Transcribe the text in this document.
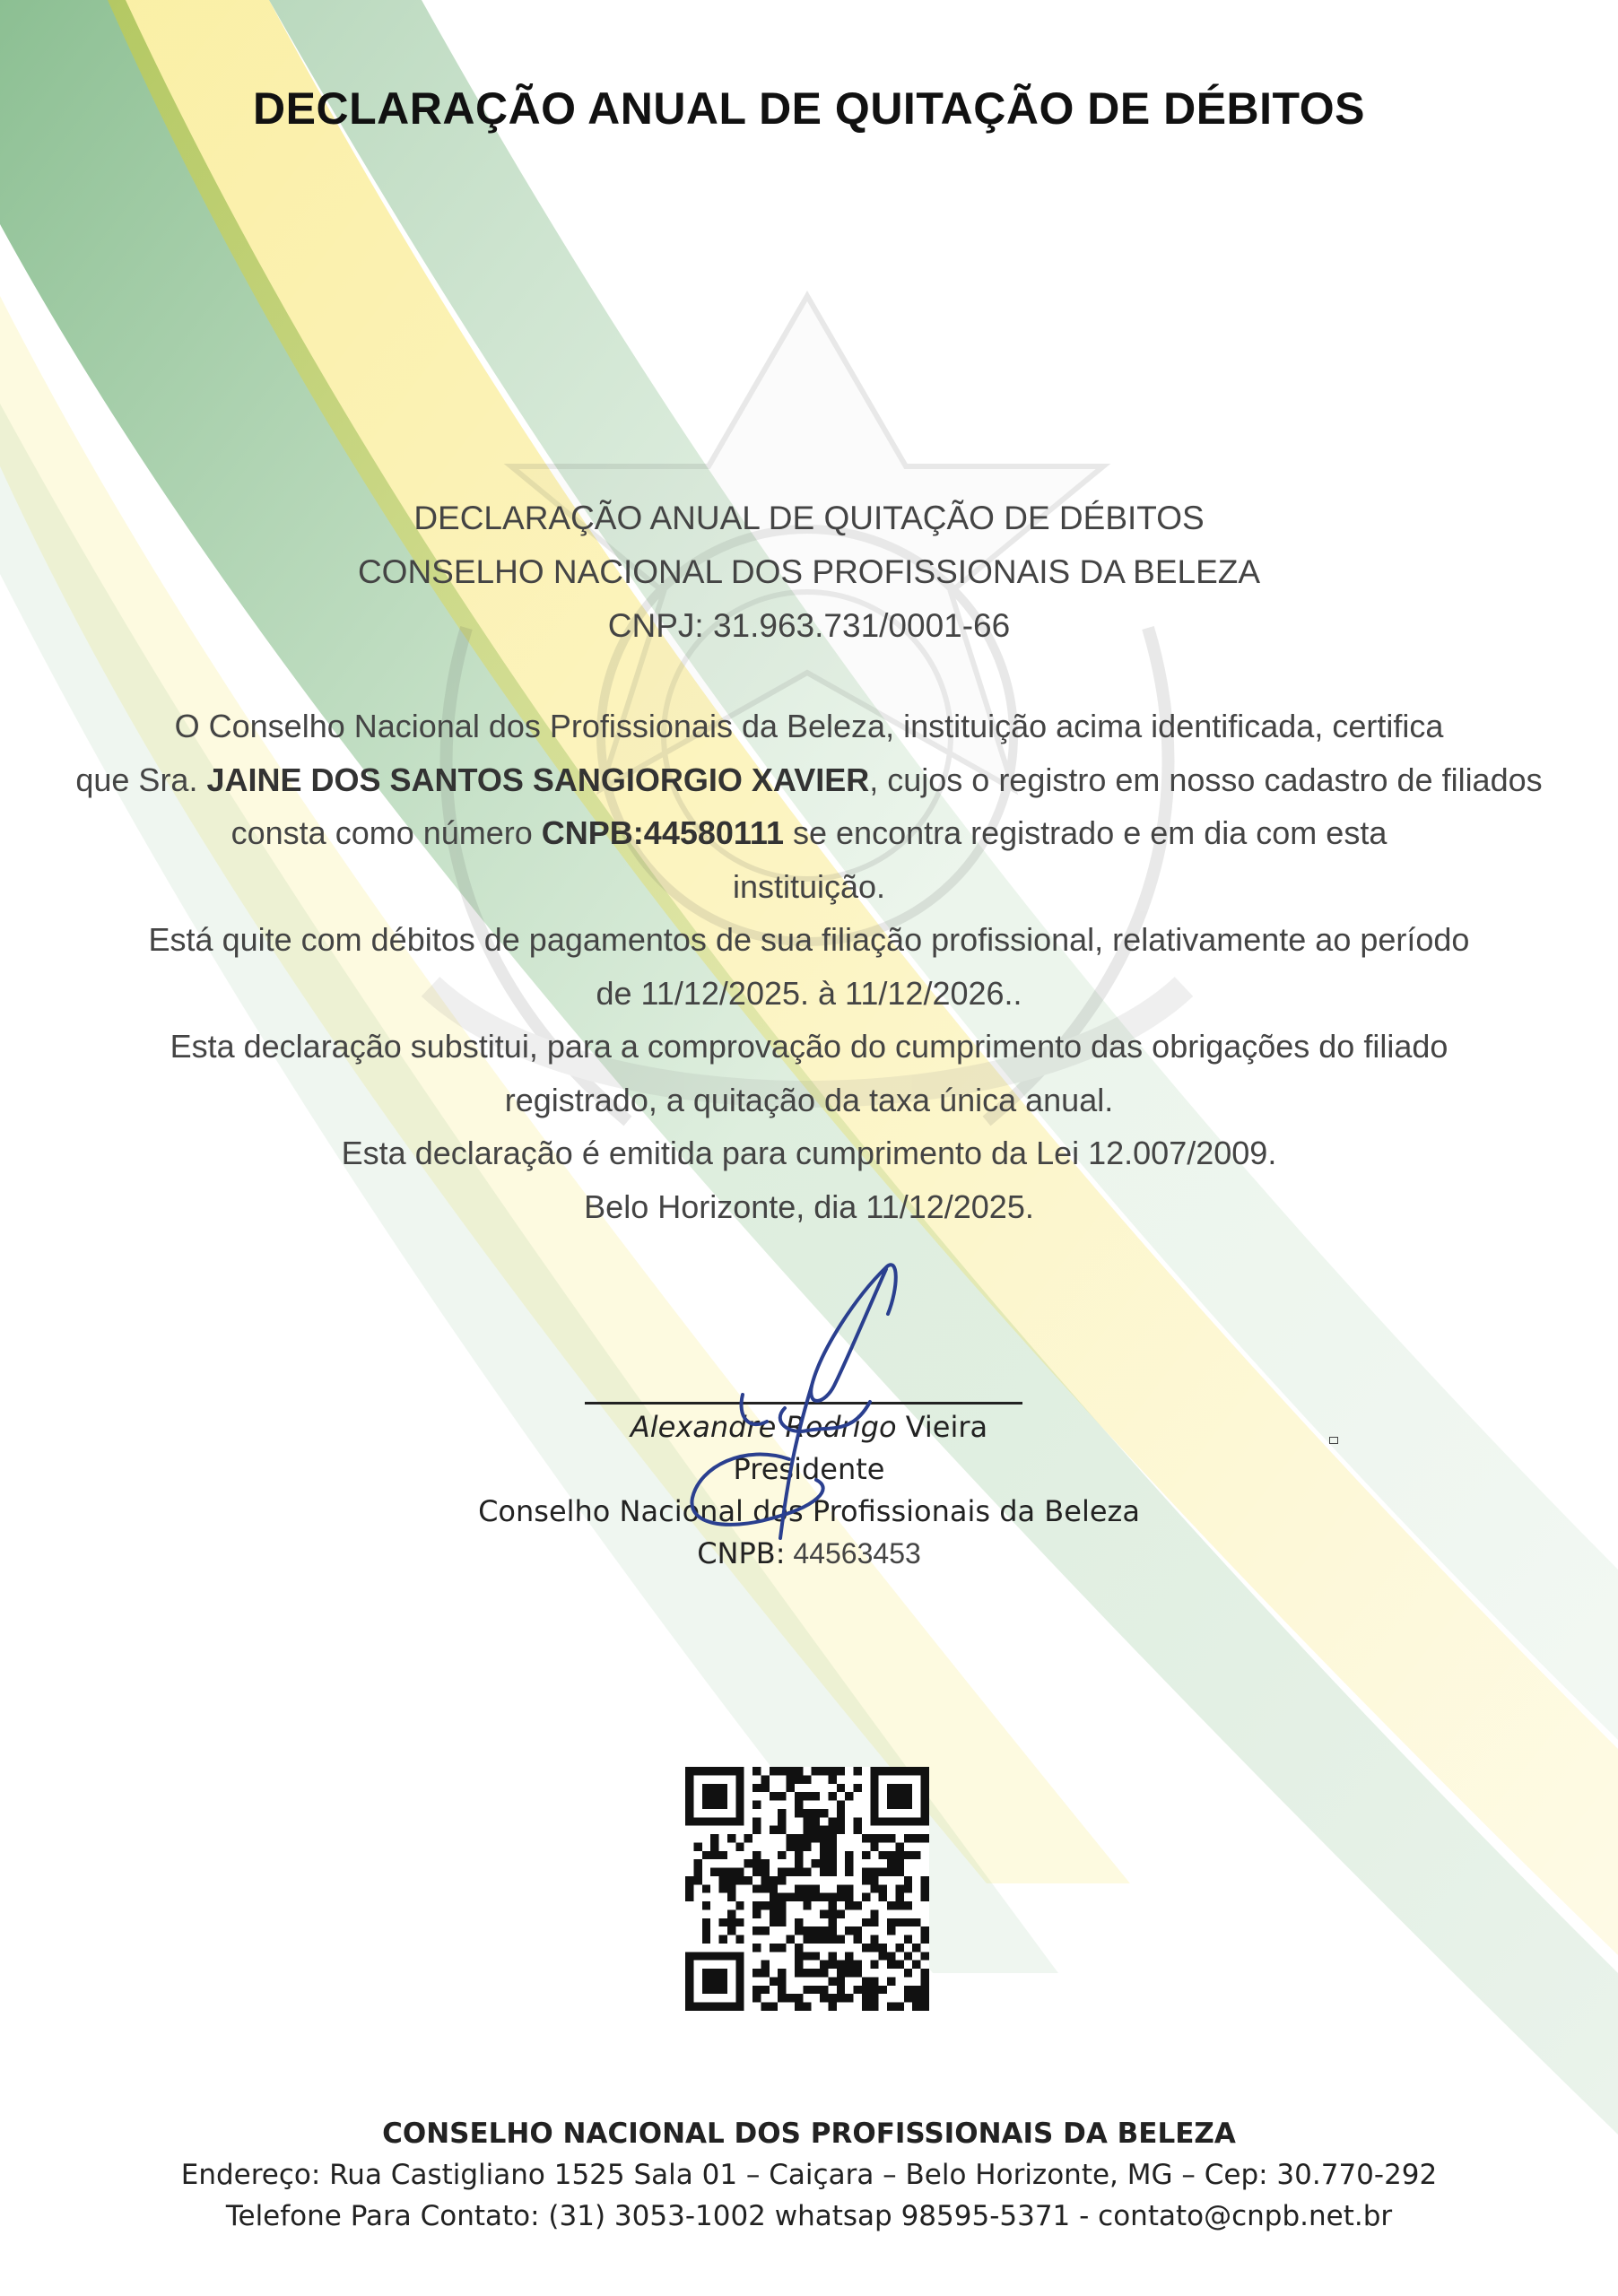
DECLARAÇÃO ANUAL DE QUITAÇÃO DE DÉBITOS
DECLARAÇÃO ANUAL DE QUITAÇÃO DE DÉBITOS
CONSELHO NACIONAL DOS PROFISSIONAIS DA BELEZA
CNPJ: 31.963.731/0001-66
O Conselho Nacional dos Profissionais da Beleza, instituição acima identificada, certifica
que Sra. JAINE DOS SANTOS SANGIORGIO XAVIER, cujos o registro em nosso cadastro de filiados
consta como número CNPB:44580111 se encontra registrado e em dia com esta
instituição.
Está quite com débitos de pagamentos de sua filiação profissional, relativamente ao período
de 11/12/2025. à 11/12/2026..
Esta declaração substitui, para a comprovação do cumprimento das obrigações do filiado
registrado, a quitação da taxa única anual.
Esta declaração é emitida para cumprimento da Lei 12.007/2009.
Belo Horizonte, dia 11/12/2025.
Alexandre Rodrigo Vieira
Presidente
Conselho Nacional dos Profissionais da Beleza
CNPB: 44563453
CONSELHO NACIONAL DOS PROFISSIONAIS DA BELEZA
Endereço: Rua Castigliano 1525 Sala 01 – Caiçara – Belo Horizonte, MG – Cep: 30.770-292
Telefone Para Contato: (31) 3053-1002 whatsap 98595-5371 - contato@cnpb.net.br
